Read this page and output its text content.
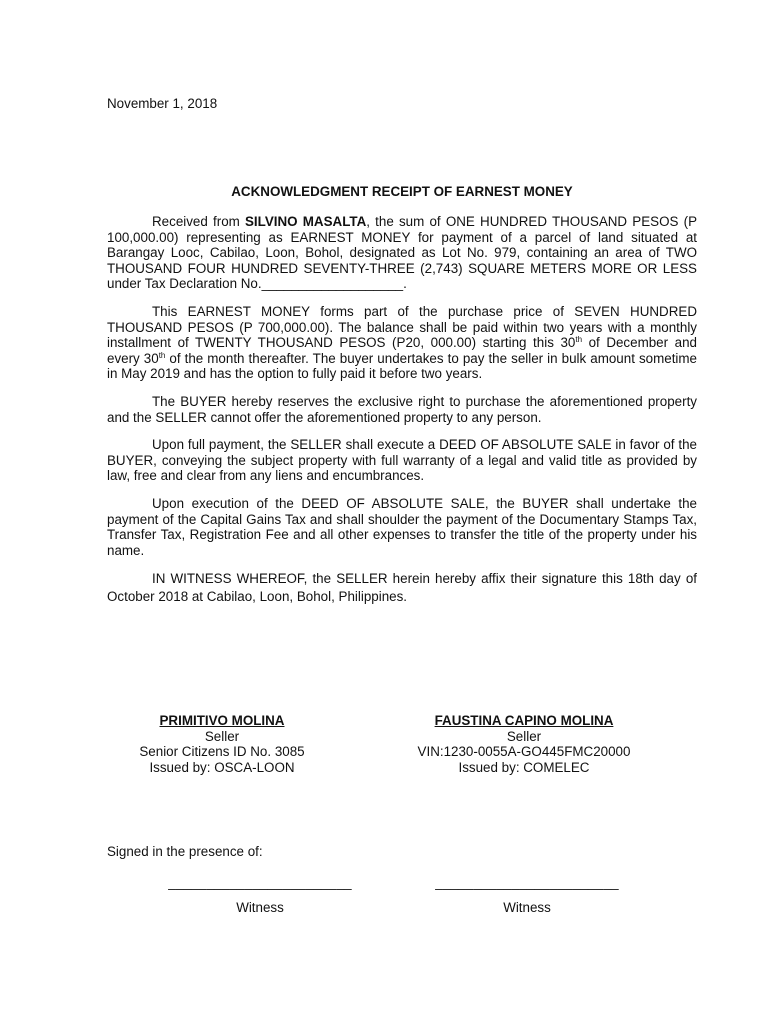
November 1, 2018
ACKNOWLEDGMENT RECEIPT OF EARNEST MONEY

Received from SILVINO MASALTA, the sum of ONE HUNDRED THOUSAND PESOS (P 100,000.00) representing as EARNEST MONEY for payment of a parcel of land situated at Barangay Looc, Cabilao, Loon, Bohol, designated as Lot No. 979, containing an area of TWO THOUSAND FOUR HUNDRED SEVENTY-THREE (2,743) SQUARE METERS MORE OR LESS under Tax Declaration No.___________________.

This EARNEST MONEY forms part of the purchase price of SEVEN HUNDRED THOUSAND PESOS (P 700,000.00). The balance shall be paid within two years with a monthly installment of TWENTY THOUSAND PESOS (P20, 000.00) starting this 30th of December and every 30th of the month thereafter. The buyer undertakes to pay the seller in bulk amount sometime in May 2019 and has the option to fully paid it before two years.

The BUYER hereby reserves the exclusive right to purchase the aforementioned property and the SELLER cannot offer the aforementioned property to any person.

Upon full payment, the SELLER shall execute a DEED OF ABSOLUTE SALE in favor of the BUYER, conveying the subject property with full warranty of a legal and valid title as provided by law, free and clear from any liens and encumbrances.

Upon execution of the DEED OF ABSOLUTE SALE, the BUYER shall undertake the payment of the Capital Gains Tax and shall shoulder the payment of the Documentary Stamps Tax, Transfer Tax, Registration Fee and all other expenses to transfer the title of the property under his name.

IN WITNESS WHEREOF, the SELLER herein hereby affix their signature this 18th day of October 2018 at Cabilao, Loon, Bohol, Philippines.

PRIMITIVO MOLINA
Seller
Senior Citizens ID No. 3085
Issued by: OSCA-LOON
FAUSTINA CAPINO MOLINA
Seller
VIN:1230-0055A-GO445FMC20000
Issued by: COMELEC
Signed in the presence of:
________________________
Witness
________________________
Witness
